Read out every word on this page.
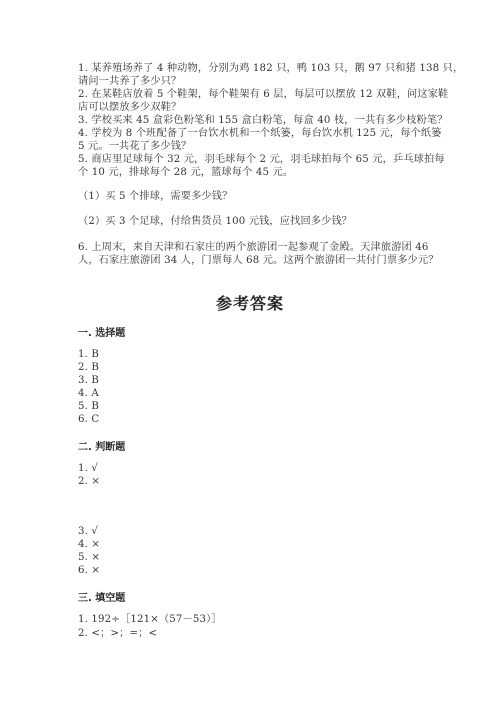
1. 某养殖场养了 4 种动物，分别为鸡 182 只，鸭 103 只，鹅 97 只和猪 138 只，
请问一共养了多少只？
2. 在某鞋店放着 5 个鞋架，每个鞋架有 6 层，每层可以摆放 12 双鞋，问这家鞋
店可以摆放多少双鞋？
3. 学校买来 45 盒彩色粉笔和 155 盒白粉笔，每盒 40 枝，一共有多少枝粉笔？
4. 学校为 8 个班配备了一台饮水机和一个纸篓，每台饮水机 125 元，每个纸篓
5 元。一共花了多少钱？
5. 商店里足球每个 32 元，羽毛球每个 2 元，羽毛球拍每个 65 元，乒乓球拍每
个 10 元，排球每个 28 元，篮球每个 45 元。
（1）买 5 个排球，需要多少钱？
（2）买 3 个足球，付给售货员 100 元钱，应找回多少钱？
6. 上周末，来自天津和石家庄的两个旅游团一起参观了金殿。天津旅游团 46
人，石家庄旅游团 34 人，门票每人 68 元。这两个旅游团一共付门票多少元？
参考答案
一. 选择题
1. B
2. B
3. B
4. A
5. B
6. C
二. 判断题
1. √
2. ×
3. √
4. ×
5. ×
6. ×
三. 填空题
1. 192÷［121×（57－53）］
2. <；>；=；<
